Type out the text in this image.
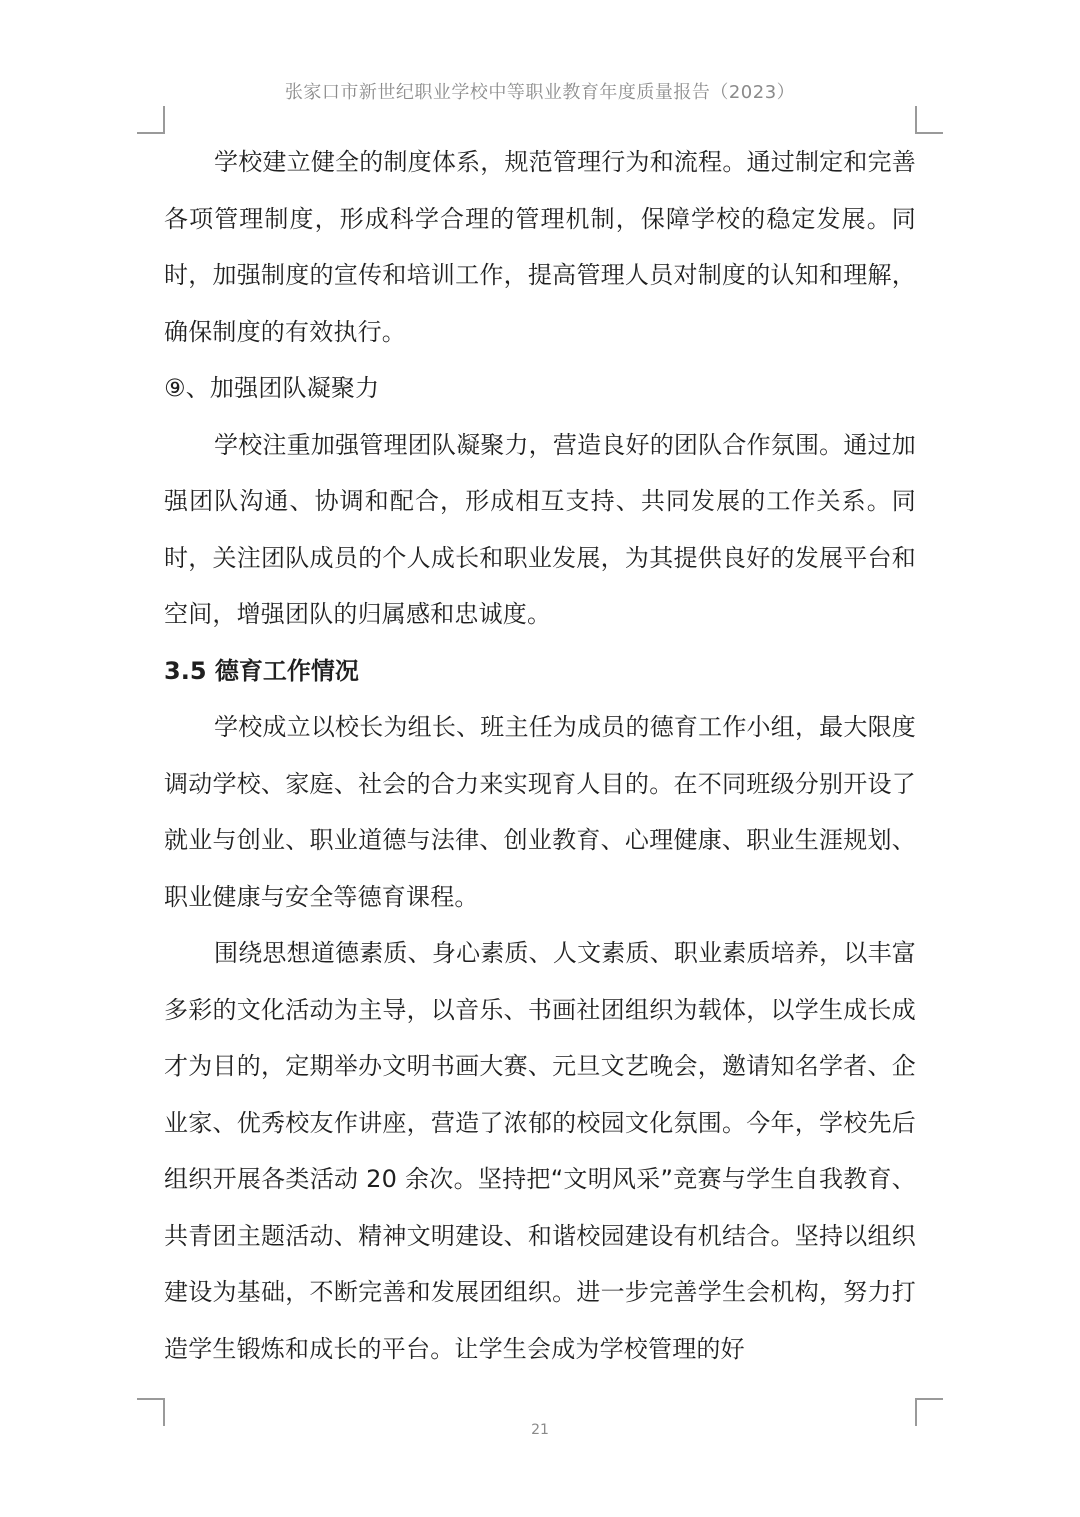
张家口市新世纪职业学校中等职业教育年度质量报告（2023）

学校建立健全的制度体系，规范管理行为和流程。通过制定和完善各项管理制度，形成科学合理的管理机制，保障学校的稳定发展。同时，加强制度的宣传和培训工作，提高管理人员对制度的认知和理解，确保制度的有效执行。

⑨、加强团队凝聚力

学校注重加强管理团队凝聚力，营造良好的团队合作氛围。通过加强团队沟通、协调和配合，形成相互支持、共同发展的工作关系。同时，关注团队成员的个人成长和职业发展，为其提供良好的发展平台和空间，增强团队的归属感和忠诚度。

3.5 德育工作情况

学校成立以校长为组长、班主任为成员的德育工作小组，最大限度调动学校、家庭、社会的合力来实现育人目的。在不同班级分别开设了就业与创业、职业道德与法律、创业教育、心理健康、职业生涯规划、职业健康与安全等德育课程。

围绕思想道德素质、身心素质、人文素质、职业素质培养，以丰富多彩的文化活动为主导，以音乐、书画社团组织为载体，以学生成长成才为目的，定期举办文明书画大赛、元旦文艺晚会，邀请知名学者、企业家、优秀校友作讲座，营造了浓郁的校园文化氛围。今年，学校先后组织开展各类活动 20 余次。坚持把“文明风采”竞赛与学生自我教育、共青团主题活动、精神文明建设、和谐校园建设有机结合。坚持以组织建设为基础，不断完善和发展团组织。进一步完善学生会机构，努力打造学生锻炼和成长的平台。让学生会成为学校管理的好

21
